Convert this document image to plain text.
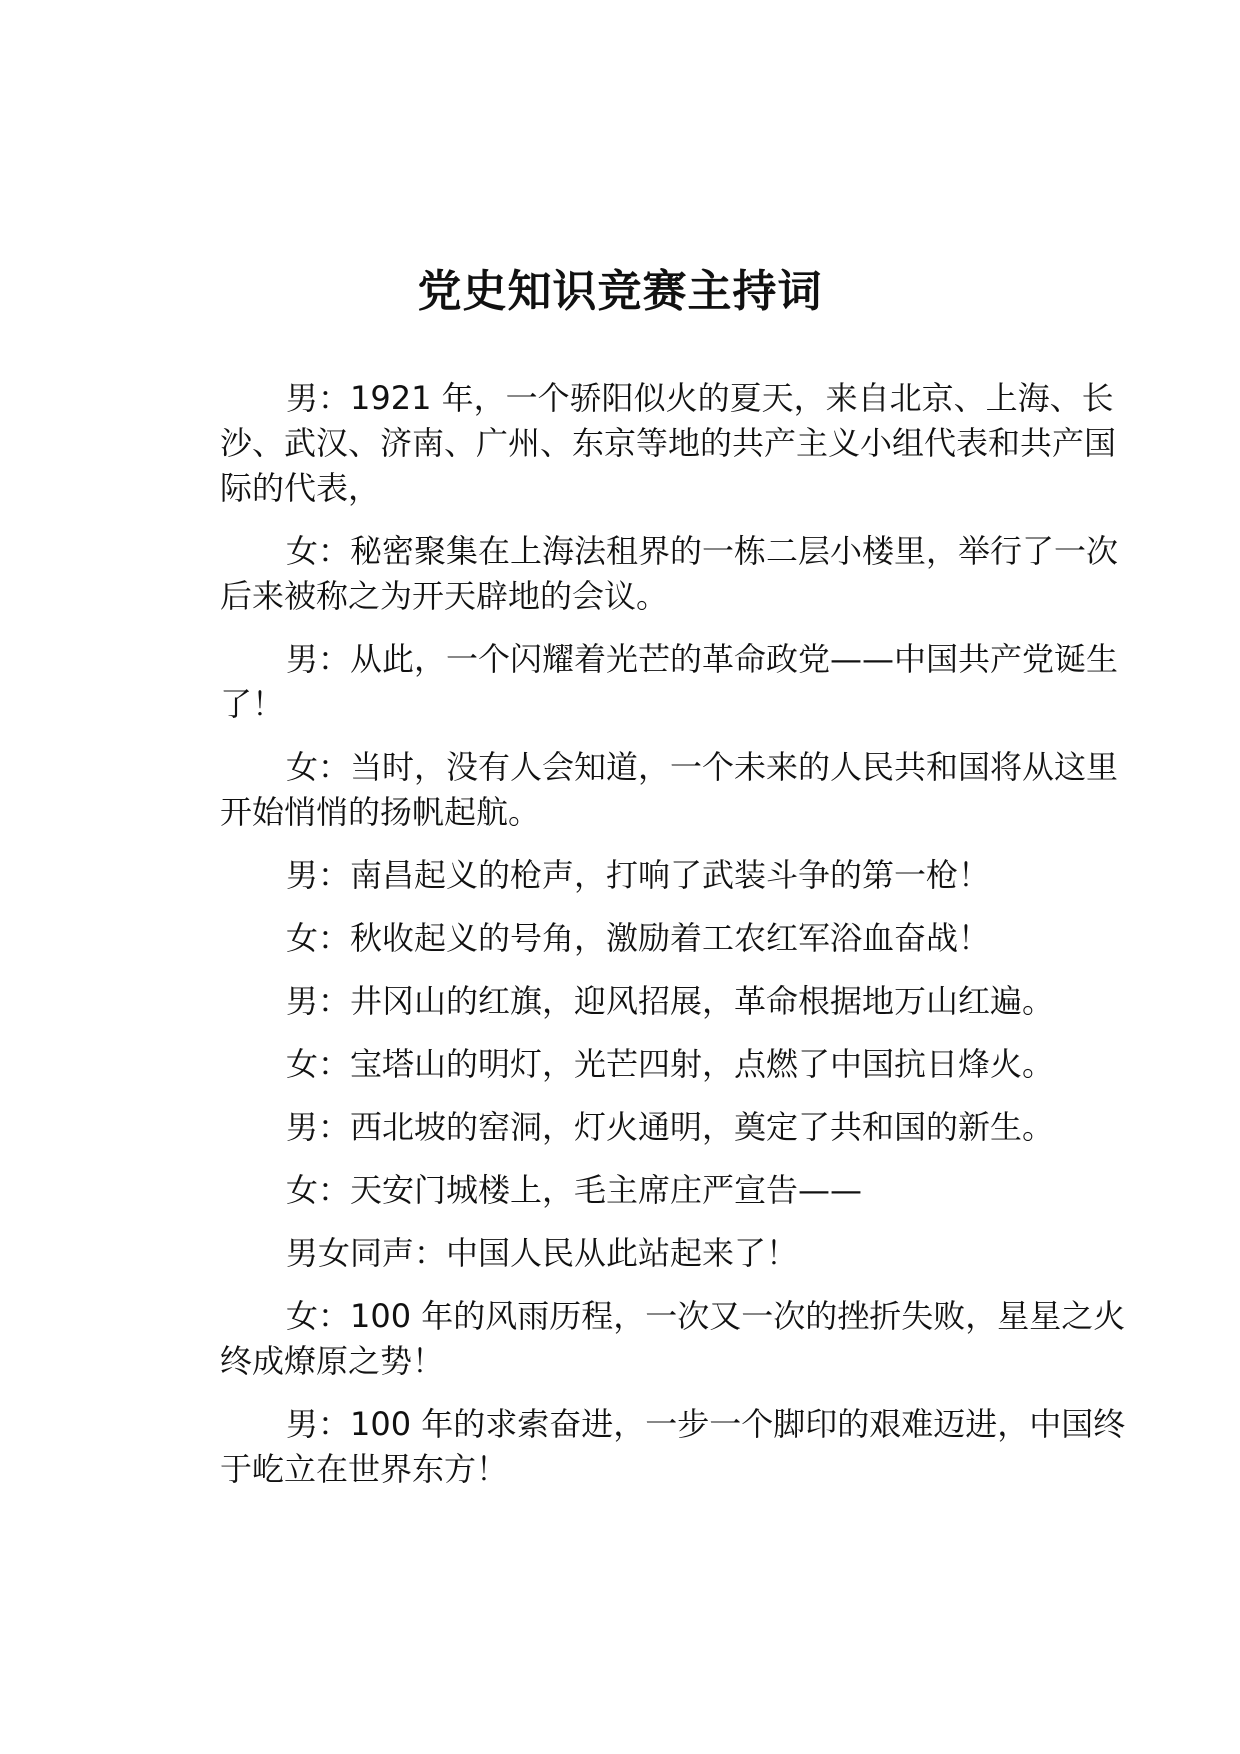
党史知识竞赛主持词

男：1921 年，一个骄阳似火的夏天，来自北京、上海、长沙、武汉、济南、广州、东京等地的共产主义小组代表和共产国际的代表，

女：秘密聚集在上海法租界的一栋二层小楼里，举行了一次后来被称之为开天辟地的会议。

男：从此，一个闪耀着光芒的革命政党——中国共产党诞生了！

女：当时，没有人会知道，一个未来的人民共和国将从这里开始悄悄的扬帆起航。

男：南昌起义的枪声，打响了武装斗争的第一枪！

女：秋收起义的号角，激励着工农红军浴血奋战！

男：井冈山的红旗，迎风招展，革命根据地万山红遍。

女：宝塔山的明灯，光芒四射，点燃了中国抗日烽火。

男：西北坡的窑洞，灯火通明，奠定了共和国的新生。

女：天安门城楼上，毛主席庄严宣告——

男女同声：中国人民从此站起来了！

女：100 年的风雨历程，一次又一次的挫折失败，星星之火终成燎原之势！

男：100 年的求索奋进，一步一个脚印的艰难迈进，中国终于屹立在世界东方！
